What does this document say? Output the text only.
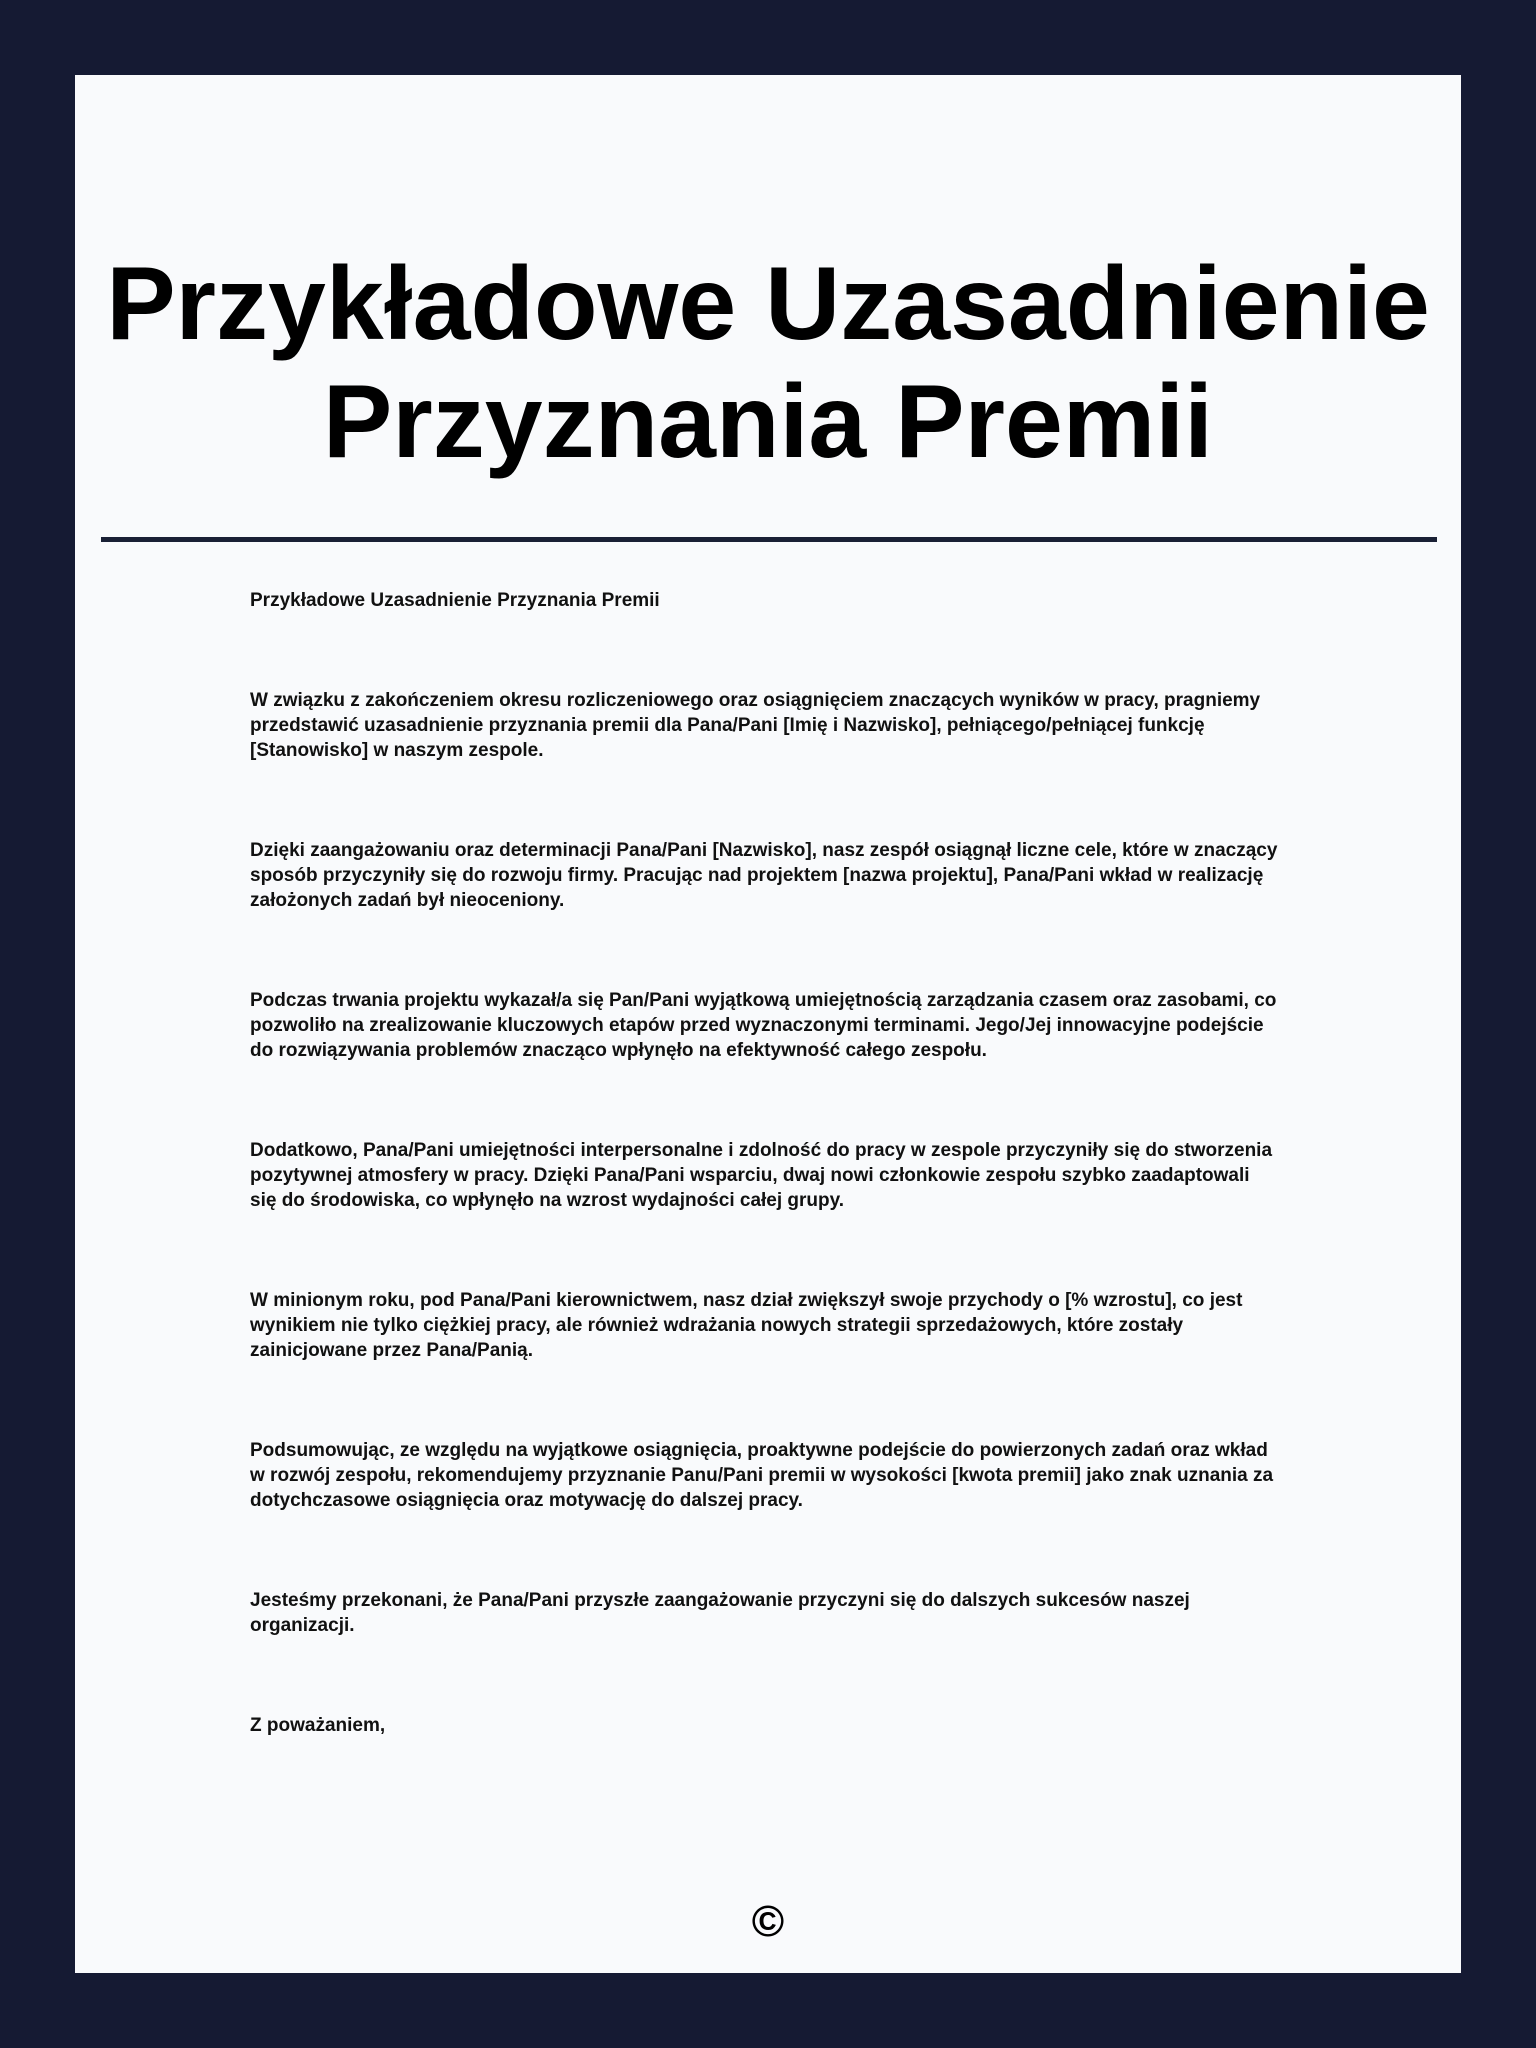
Przykładowe Uzasadnienie Przyznania Premii

Przykładowe Uzasadnienie Przyznania Premii

W związku z zakończeniem okresu rozliczeniowego oraz osiągnięciem znaczących wyników w pracy, pragniemy przedstawić uzasadnienie przyznania premii dla Pana/Pani [Imię i Nazwisko], pełniącego/pełniącej funkcję [Stanowisko] w naszym zespole.

Dzięki zaangażowaniu oraz determinacji Pana/Pani [Nazwisko], nasz zespół osiągnął liczne cele, które w znaczący sposób przyczyniły się do rozwoju firmy. Pracując nad projektem [nazwa projektu], Pana/Pani wkład w realizację założonych zadań był nieoceniony.

Podczas trwania projektu wykazał/a się Pan/Pani wyjątkową umiejętnością zarządzania czasem oraz zasobami, co pozwoliło na zrealizowanie kluczowych etapów przed wyznaczonymi terminami. Jego/Jej innowacyjne podejście do rozwiązywania problemów znacząco wpłynęło na efektywność całego zespołu.

Dodatkowo, Pana/Pani umiejętności interpersonalne i zdolność do pracy w zespole przyczyniły się do stworzenia pozytywnej atmosfery w pracy. Dzięki Pana/Pani wsparciu, dwaj nowi członkowie zespołu szybko zaadaptowali się do środowiska, co wpłynęło na wzrost wydajności całej grupy.

W minionym roku, pod Pana/Pani kierownictwem, nasz dział zwiększył swoje przychody o [% wzrostu], co jest wynikiem nie tylko ciężkiej pracy, ale również wdrażania nowych strategii sprzedażowych, które zostały zainicjowane przez Pana/Panią.

Podsumowując, ze względu na wyjątkowe osiągnięcia, proaktywne podejście do powierzonych zadań oraz wkład w rozwój zespołu, rekomendujemy przyznanie Panu/Pani premii w wysokości [kwota premii] jako znak uznania za dotychczasowe osiągnięcia oraz motywację do dalszej pracy.

Jesteśmy przekonani, że Pana/Pani przyszłe zaangażowanie przyczyni się do dalszych sukcesów naszej organizacji.

Z poważaniem,

©
